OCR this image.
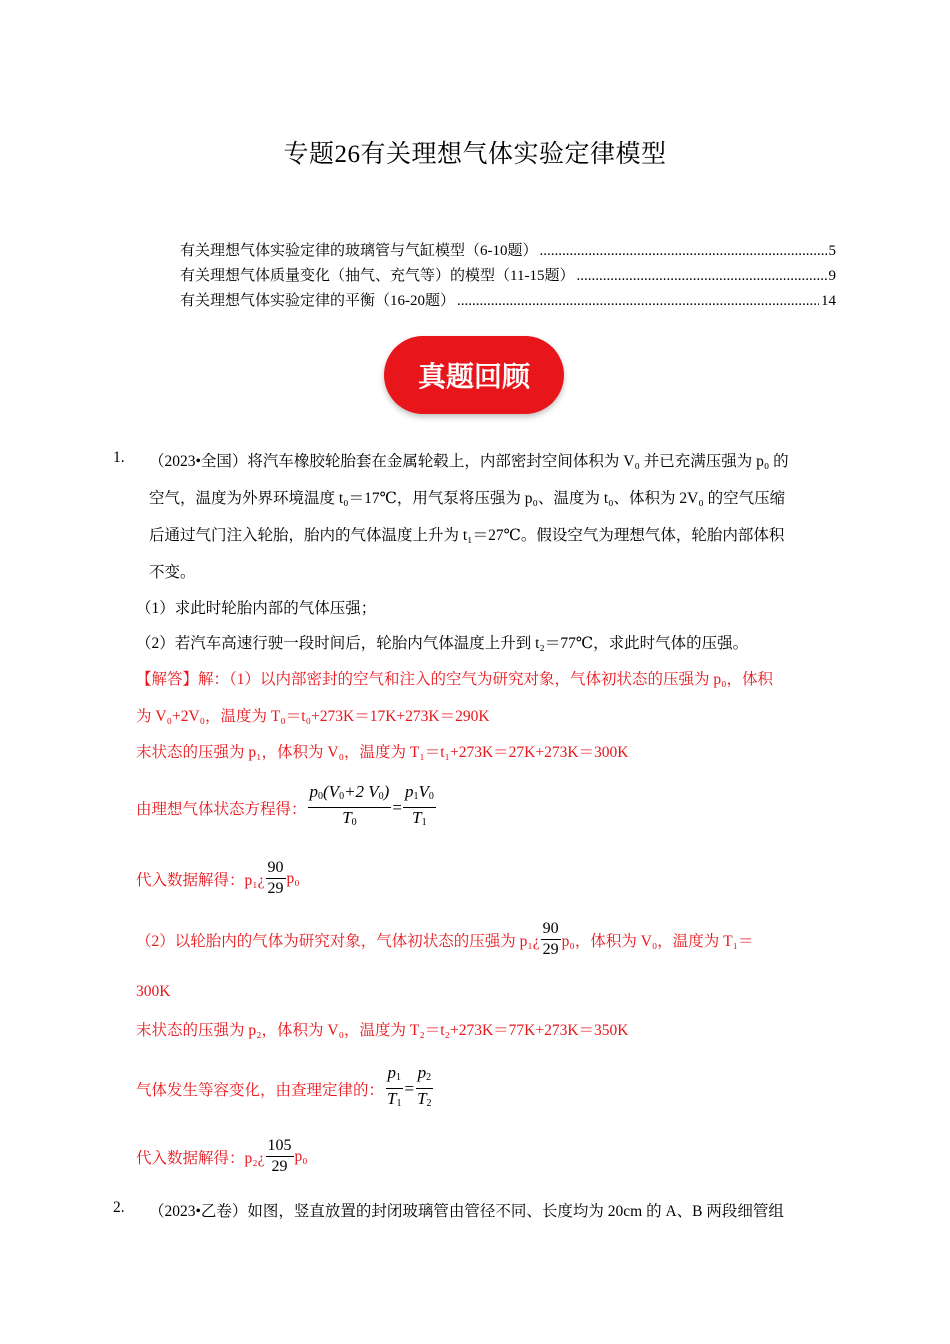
专题26有关理想气体实验定律模型
有关理想气体实验定律的玻璃管与气缸模型（6-10题） .....	5
有关理想气体质量变化（抽气、充气等）的模型（11-15题） .....	9
有关理想气体实验定律的平衡（16-20题） .....	14
真题回顾
1. （2023•全国）将汽车橡胶轮胎套在金属轮毂上，内部密封空间体积为 V₀ 并已充满压强为 p₀ 的
空气，温度为外界环境温度 t₀＝17℃，用气泵将压强为 p₀、温度为 t₀、体积为 2V₀ 的空气压缩
后通过气门注入轮胎，胎内的气体温度上升为 t₁＝27℃。假设空气为理想气体，轮胎内部体积
不变。
（1）求此时轮胎内部的气体压强；
（2）若汽车高速行驶一段时间后，轮胎内气体温度上升到 t₂＝77℃，求此时气体的压强。
【解答】解：（1）以内部密封的空气和注入的空气为研究对象，气体初状态的压强为 p₀，体积
为 V₀+2V₀，温度为 T₀＝t₀+273K＝17K+273K＝290K
末状态的压强为 p₁，体积为 V₀，温度为 T₁＝t₁+273K＝27K+273K＝300K
由理想气体状态方程得： $\frac{p_0(V_0+2 V_0)}{T_0} = \frac{p_1V_0}{T_1}$
代入数据解得：p₁¿ $\frac{90}{29} p_0$
（2）以轮胎内的气体为研究对象，气体初状态的压强为 p₁¿ $\frac{90}{29} p_0$，体积为 V₀，温度为 T₁＝
300K
末状态的压强为 p₂，体积为 V₀，温度为 T₂＝t₂+273K＝77K+273K＝350K
气体发生等容变化，由查理定律的： $\frac{p_1}{T_1} = \frac{p_2}{T_2}$
代入数据解得：p₂¿ $\frac{105}{29} p_0$
2. （2023•乙卷）如图，竖直放置的封闭玻璃管由管径不同、长度均为 20cm 的 A、B 两段细管组
